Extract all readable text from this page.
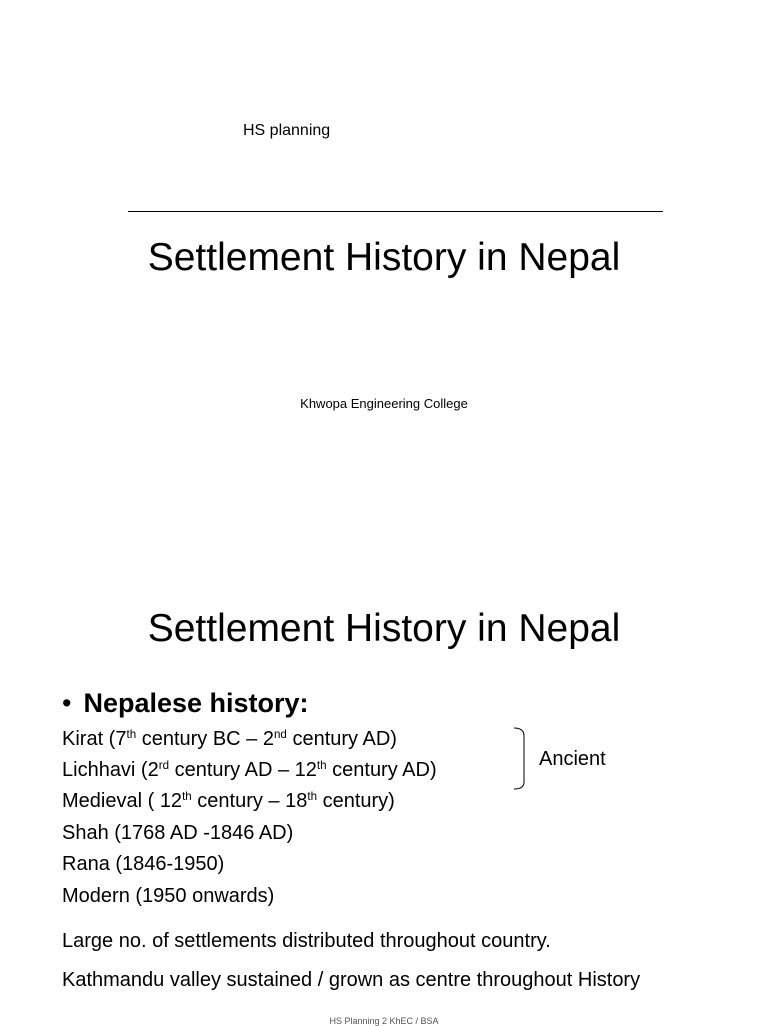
HS planning
Settlement History in Nepal
Khwopa Engineering College
Settlement History in Nepal
• Nepalese history:
Kirat (7th century BC – 2nd century AD)
Lichhavi (2rd century AD – 12th century AD)
Medieval ( 12th century – 18th century)
Shah (1768 AD -1846 AD)
Rana (1846-1950)
Modern (1950 onwards)
Ancient
Large no. of settlements distributed throughout country.
Kathmandu valley sustained / grown as centre throughout History
HS Planning 2 KhEC / BSA
